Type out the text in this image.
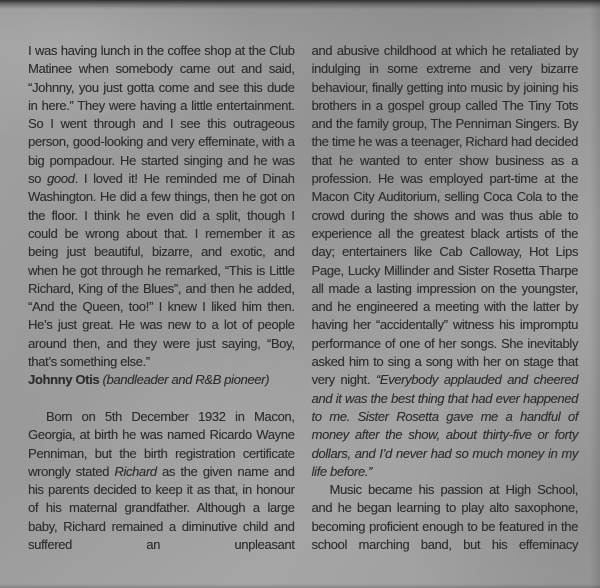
I was having lunch in the coffee shop at the Club Matinee when somebody came out and said, “Johnny, you just gotta come and see this dude in here.” They were having a little entertainment. So I went through and I see this outrageous person, good-looking and very effeminate, with a big pompadour. He started singing and he was so good. I loved it! He reminded me of Dinah Washington. He did a few things, then he got on the floor. I think he even did a split, though I could be wrong about that. I remember it as being just beautiful, bizarre, and exotic, and when he got through he remarked, “This is Little Richard, King of the Blues”, and then he added, “And the Queen, too!” I knew I liked him then. He’s just great. He was new to a lot of people around then, and they were just saying, “Boy, that’s something else.”

Johnny Otis (bandleader and R&B pioneer)

Born on 5th December 1932 in Macon, Georgia, at birth he was named Ricardo Wayne Penniman, but the birth registration certificate wrongly stated Richard as the given name and his parents decided to keep it as that, in honour of his maternal grandfather. Although a large baby, Richard remained a diminutive child and suffered an unpleasant

and abusive childhood at which he retaliated by indulging in some extreme and very bizarre behaviour, finally getting into music by joining his brothers in a gospel group called The Tiny Tots and the family group, The Penniman Singers. By the time he was a teenager, Richard had decided that he wanted to enter show business as a profession. He was employed part-time at the Macon City Auditorium, selling Coca Cola to the crowd during the shows and was thus able to experience all the greatest black artists of the day; entertainers like Cab Calloway, Hot Lips Page, Lucky Millinder and Sister Rosetta Tharpe all made a lasting impression on the youngster, and he engineered a meeting with the latter by having her “accidentally” witness his impromptu performance of one of her songs. She inevitably asked him to sing a song with her on stage that very night. “Everybody applauded and cheered and it was the best thing that had ever happened to me. Sister Rosetta gave me a handful of money after the show, about thirty-five or forty dollars, and I’d never had so much money in my life before.”

Music became his passion at High School, and he began learning to play alto saxophone, becoming proficient enough to be featured in the school marching band, but his effeminacy
